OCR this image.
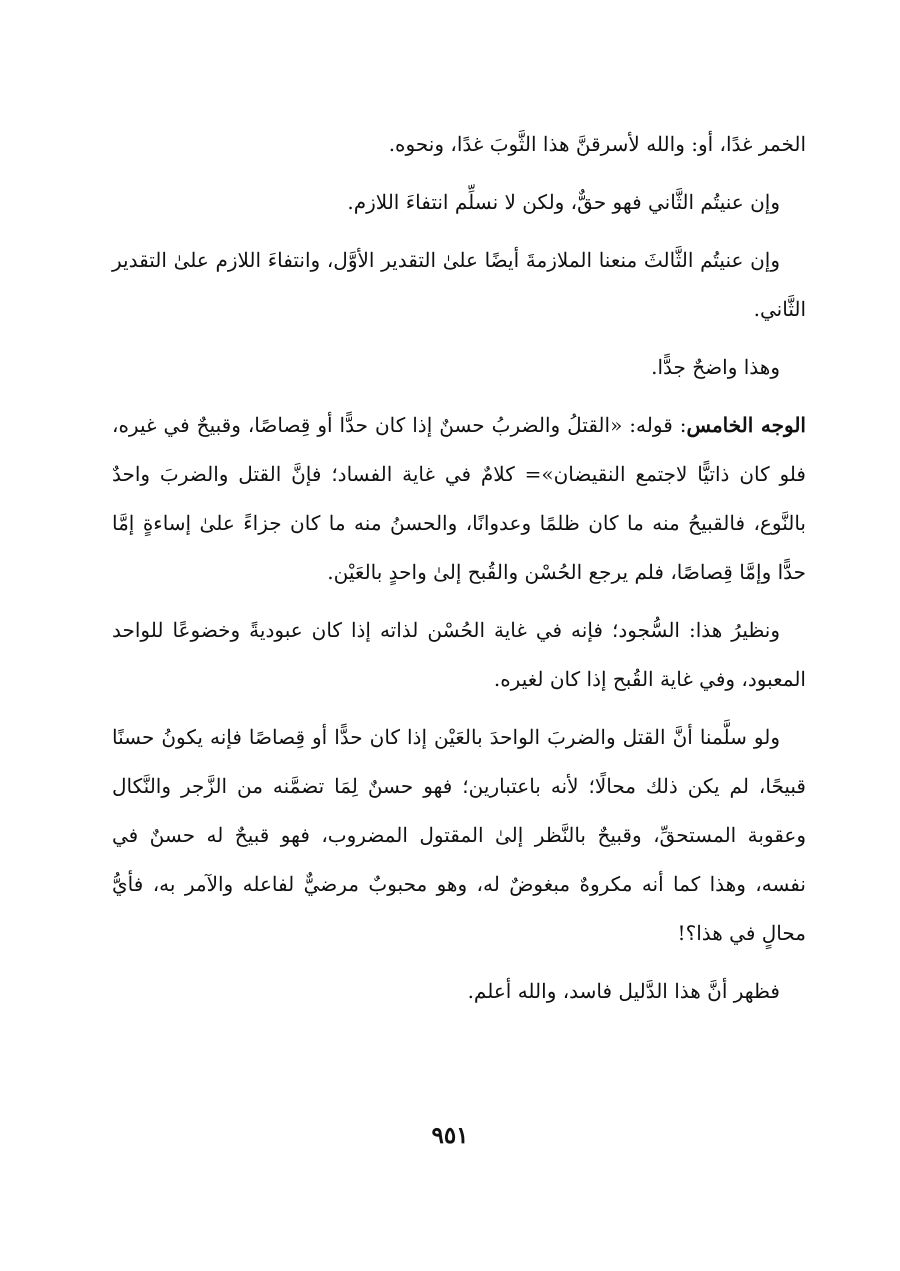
الخمر غدًا، أو: والله لأسرقنَّ هذا الثَّوبَ غدًا، ونحوه.

وإن عنيتُم الثَّاني فهو حقٌّ، ولكن لا نسلِّم انتفاءَ اللازم.

وإن عنيتُم الثَّالثَ منعنا الملازمةَ أيضًا علىٰ التقدير الأوَّل، وانتفاءَ اللازم علىٰ التقدير الثَّاني.

وهذا واضحٌ جدًّا.

الوجه الخامس: قوله: «القتلُ والضربُ حسنٌ إذا كان حدًّا أو قِصاصًا، وقبيحٌ في غيره، فلو كان ذاتيًّا لاجتمع النقيضان»= كلامٌ في غاية الفساد؛ فإنَّ القتل والضربَ واحدٌ بالنَّوع، فالقبيحُ منه ما كان ظلمًا وعدوانًا، والحسنُ منه ما كان جزاءً علىٰ إساءةٍ إمَّا حدًّا وإمَّا قِصاصًا، فلم يرجع الحُسْن والقُبح إلىٰ واحدٍ بالعَيْن.

ونظيرُ هذا: السُّجود؛ فإنه في غاية الحُسْن لذاته إذا كان عبوديةً وخضوعًا للواحد المعبود، وفي غاية القُبح إذا كان لغيره.

ولو سلَّمنا أنَّ القتل والضربَ الواحدَ بالعَيْن إذا كان حدًّا أو قِصاصًا فإنه يكونُ حسنًا قبيحًا، لم يكن ذلك محالًا؛ لأنه باعتبارين؛ فهو حسنٌ لِمَا تضمَّنه من الزَّجر والنَّكال وعقوبة المستحقِّ، وقبيحٌ بالنَّظر إلىٰ المقتول المضروب، فهو قبيحٌ له حسنٌ في نفسه، وهذا كما أنه مكروهٌ مبغوضٌ له، وهو محبوبٌ مرضيٌّ لفاعله والآمر به، فأيُّ محالٍ في هذا؟!

فظهر أنَّ هذا الدَّليل فاسد، والله أعلم.

٩٥١
